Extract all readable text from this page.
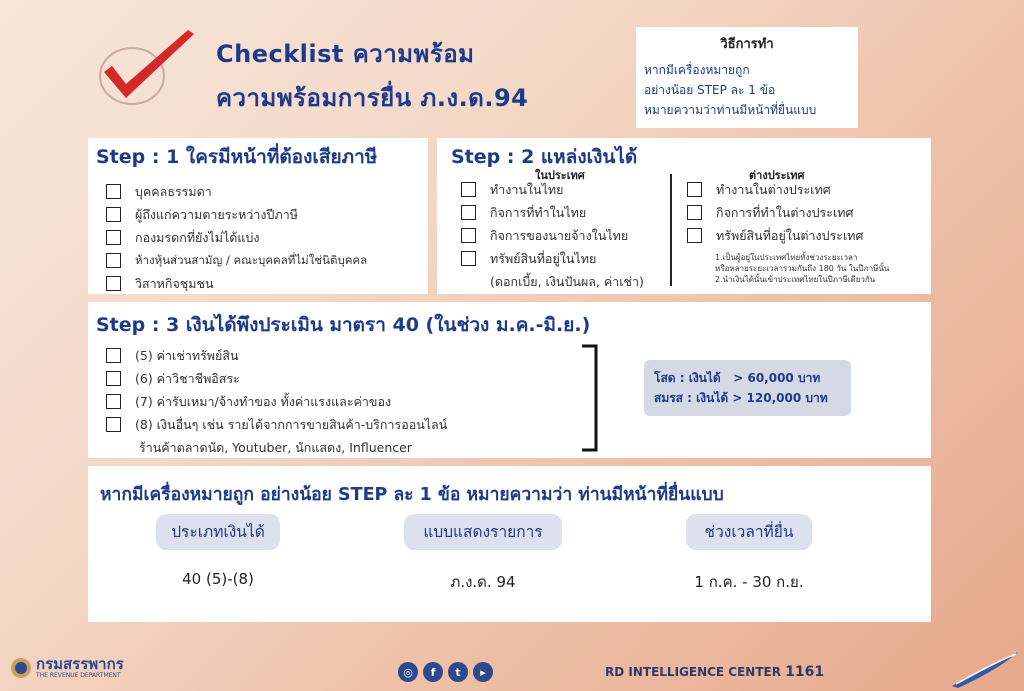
Checklist ความพร้อม
ความพร้อมการยื่น ภ.ง.ด.94
วิธีการทำ
หากมีเครื่องหมายถูก
อย่างน้อย STEP ละ 1 ข้อ
หมายความว่าท่านมีหน้าที่ยื่นแบบ
Step : 1 ใครมีหน้าที่ต้องเสียภาษี
บุคคลธรรมดา
ผู้ถึงแก่ความตายระหว่างปีภาษี
กองมรดกที่ยังไม่ได้แบ่ง
ห้างหุ้นส่วนสามัญ / คณะบุคคลที่ไม่ใช่นิติบุคคล
วิสาหกิจชุมชน
Step : 2 แหล่งเงินได้
ในประเทศ
ทำงานในไทย
กิจการที่ทำในไทย
กิจการของนายจ้างในไทย
ทรัพย์สินที่อยู่ในไทย
(ดอกเบี้ย, เงินปันผล, ค่าเช่า)
ต่างประเทศ
ทำงานในต่างประเทศ
กิจการที่ทำในต่างประเทศ
ทรัพย์สินที่อยู่ในต่างประเทศ
1.เป็นผู้อยู่ในประเทศไทยทั้งช่วงระยะเวลา
หรือหลายระยะเวลารวมกันถึง 180 วัน ในปีภาษีนั้น
2.นำเงินได้นั้นเข้าประเทศไทยในปีภาษีเดียวกัน
Step : 3 เงินได้พึงประเมิน มาตรา 40 (ในช่วง ม.ค.-มิ.ย.)
(5) ค่าเช่าทรัพย์สิน
(6) ค่าวิชาชีพอิสระ
(7) ค่ารับเหมา/จ้างทำของ ทั้งค่าแรงและค่าของ
(8) เงินอื่นๆ เช่น รายได้จากการขายสินค้า-บริการออนไลน์
ร้านค้าตลาดนัด, Youtuber, นักแสดง, Influencer
โสด : เงินได้   > 60,000 บาท
สมรส : เงินได้ > 120,000 บาท
หากมีเครื่องหมายถูก อย่างน้อย STEP ละ 1 ข้อ หมายความว่า ท่านมีหน้าที่ยื่นแบบ
ประเภทเงินได้	แบบแสดงรายการ	ช่วงเวลาที่ยื่น
40 (5)-(8)	ภ.ง.ด. 94	1 ก.ค. - 30 ก.ย.
กรมสรรพากร
THE REVENUE DEPARTMENT	◎	f	t	▸	RD INTELLIGENCE CENTER 1161
